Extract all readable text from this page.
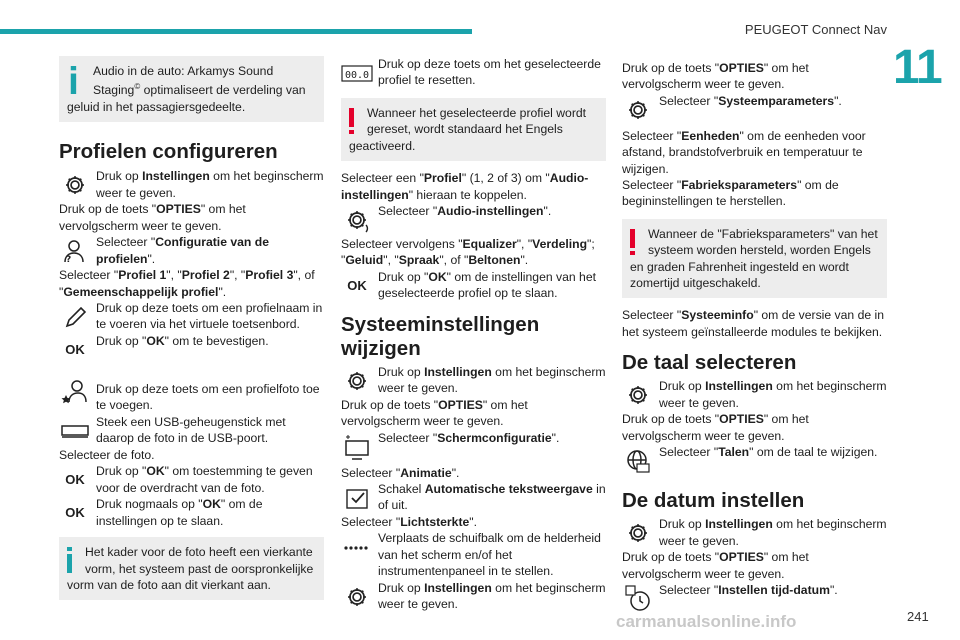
PEUGEOT Connect Nav
11
Audio in de auto: Arkamys Sound Staging© optimaliseert de verdeling van geluid in het passagiersgedeelte.
Profielen configureren
Druk op Instellingen om het beginscherm weer te geven.
Druk op de toets "OPTIES" om het vervolgscherm weer te geven.
?
Selecteer "Configuratie van de profielen".
Selecteer "Profiel 1", "Profiel 2", "Profiel 3", of "Gemeenschappelijk profiel".
Druk op deze toets om een profielnaam in te voeren via het virtuele toetsenbord.
OK
Druk op "OK" om te bevestigen.
Druk op deze toets om een profielfoto toe te voegen.
Steek een USB-geheugenstick met daarop de foto in de USB-poort.
Selecteer de foto.
OK
Druk op "OK" om toestemming te geven voor de overdracht van de foto.
OK
Druk nogmaals op "OK" om de instellingen op te slaan.
Het kader voor de foto heeft een vierkante vorm, het systeem past de oorspronkelijke vorm van de foto aan dit vierkant aan.
00.0
Druk op deze toets om het geselecteerde profiel te resetten.
Wanneer het geselecteerde profiel wordt gereset, wordt standaard het Engels geactiveerd.
Selecteer een "Profiel" (1, 2 of 3) om "Audio-instellingen" hieraan te koppelen.
Selecteer "Audio-instellingen".
Selecteer vervolgens "Equalizer", "Verdeling"; "Geluid", "Spraak", of "Beltonen".
OK
Druk op "OK" om de instellingen van het geselecteerde profiel op te slaan.
Systeeminstellingen wijzigen
Druk op Instellingen om het beginscherm weer te geven.
Druk op de toets "OPTIES" om het vervolgscherm weer te geven.
Selecteer "Schermconfiguratie".
Selecteer "Animatie".
Schakel Automatische tekstweergave in of uit.
Selecteer "Lichtsterkte".
Verplaats de schuifbalk om de helderheid van het scherm en/of het instrumentenpaneel in te stellen.
Druk op Instellingen om het beginscherm weer te geven.
Druk op de toets "OPTIES" om het vervolgscherm weer te geven.
Selecteer "Systeemparameters".
Selecteer "Eenheden" om de eenheden voor afstand, brandstofverbruik en temperatuur te wijzigen.
Selecteer "Fabrieksparameters" om de begininstellingen te herstellen.
Wanneer de "Fabrieksparameters" van het systeem worden hersteld, worden Engels en graden Fahrenheit ingesteld en wordt zomertijd uitgeschakeld.
Selecteer "Systeeminfo" om de versie van de in het systeem geïnstalleerde modules te bekijken.
De taal selecteren
Druk op Instellingen om het beginscherm weer te geven.
Druk op de toets "OPTIES" om het vervolgscherm weer te geven.
Selecteer "Talen" om de taal te wijzigen.
De datum instellen
Druk op Instellingen om het beginscherm weer te geven.
Druk op de toets "OPTIES" om het vervolgscherm weer te geven.
Selecteer "Instellen tijd-datum".
carmanualsonline.info	241
